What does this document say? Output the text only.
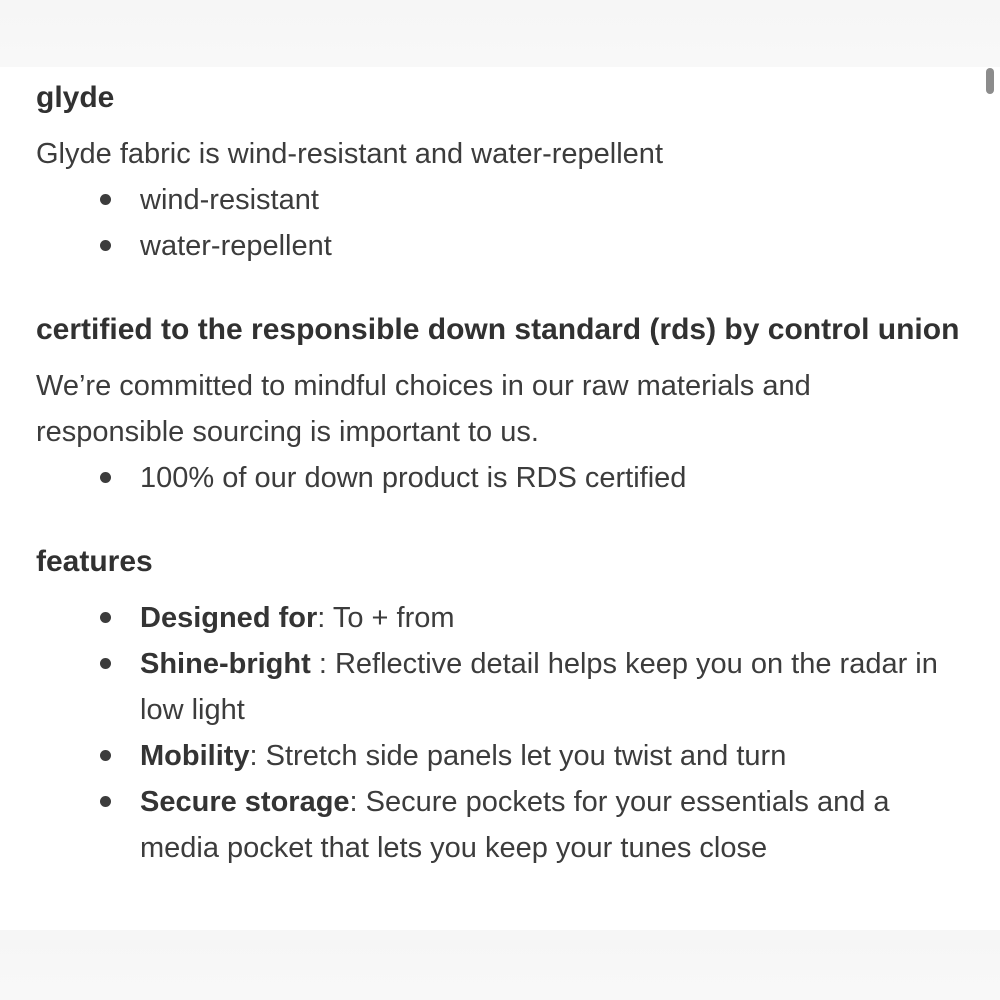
glyde

Glyde fabric is wind-resistant and water-repellent

wind-resistant
water-repellent
certified to the responsible down standard (rds) by control union

We’re committed to mindful choices in our raw materials and responsible sourcing is important to us.

100% of our down product is RDS certified
features
Designed for: To + from
Shine-bright : Reflective detail helps keep you on the radar in low light
Mobility: Stretch side panels let you twist and turn
Secure storage: Secure pockets for your essentials and a media pocket that lets you keep your tunes close
